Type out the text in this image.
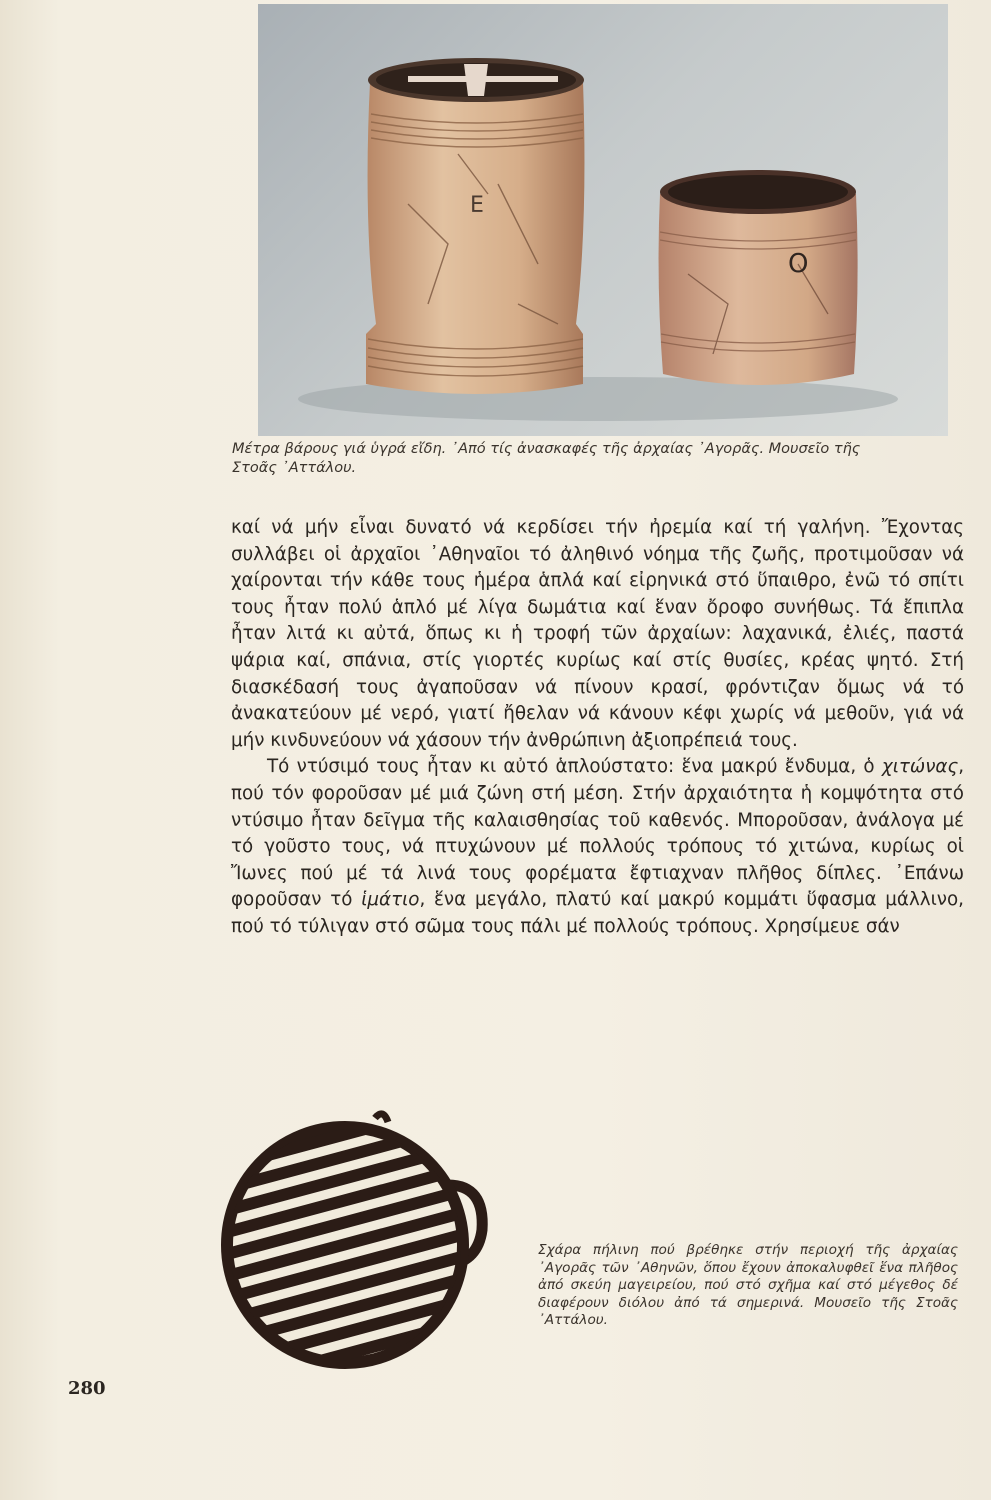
Ε
Ο
Μέτρα βάρους γιά ὑγρά εἴδη. ᾿Από τίς ἀνασκαφές τῆς ἀρχαίας ᾿Αγορᾶς. Μουσεῖο τῆς
Στοᾶς ᾿Αττάλου.

καί νά μήν εἶναι δυνατό νά κερδίσει τήν ἠρεμία καί τή γαλήνη. Ἔχοντας συλλάβει οἱ ἀρχαῖοι ᾿Αθηναῖοι τό ἀληθινό νόημα τῆς ζωῆς, προτιμοῦσαν νά χαίρονται τήν κάθε τους ἡμέρα ἁπλά καί εἰρηνικά στό ὕπαιθρο, ἐνῶ τό σπίτι τους ἦταν πολύ ἁπλό μέ λίγα δωμάτια καί ἕναν ὄροφο συνήθως. Τά ἔπιπλα ἦταν λιτά κι αὐτά, ὅπως κι ἡ τροφή τῶν ἀρχαίων: λαχανικά, ἐλιές, παστά ψάρια καί, σπάνια, στίς γιορτές κυρίως καί στίς θυσίες, κρέας ψητό. Στή διασκέδασή τους ἀγαποῦσαν νά πίνουν κρασί, φρόντιζαν ὅμως νά τό ἀνακατεύουν μέ νερό, γιατί ἤθελαν νά κάνουν κέφι χωρίς νά μεθοῦν, γιά νά μήν κινδυνεύουν νά χάσουν τήν ἀνθρώπινη ἀξιοπρέπειά τους.

Τό ντύσιμό τους ἦταν κι αὐτό ἁπλούστατο: ἕνα μακρύ ἔνδυμα, ὁ χιτώνας, πού τόν φοροῦσαν μέ μιά ζώνη στή μέση. Στήν ἀρχαιότητα ἡ κομψότητα στό ντύσιμο ἦταν δεῖγμα τῆς καλαισθησίας τοῦ καθενός. Μποροῦσαν, ἀνάλογα μέ τό γοῦστο τους, νά πτυχώνουν μέ πολλούς τρόπους τό χιτώνα, κυρίως οἱ Ἴωνες πού μέ τά λινά τους φορέματα ἔφτιαχναν πλῆθος δίπλες. ᾿Επάνω φοροῦσαν τό ἱμάτιο, ἕνα μεγάλο, πλατύ καί μακρύ κομμάτι ὕφασμα μάλλινο, πού τό τύλιγαν στό σῶμα τους πάλι μέ πολλούς τρόπους. Χρησίμευε σάν

Σχάρα πήλινη πού βρέθηκε στήν περιοχή τῆς ἀρχαίας ᾿Αγορᾶς τῶν ᾿Αθηνῶν, ὅπου ἔχουν ἀποκαλυφθεῖ ἕνα πλῆθος ἀπό σκεύη μαγειρείου, πού στό σχῆμα καί στό μέγεθος δέ διαφέρουν διόλου ἀπό τά σημερινά. Μουσεῖο τῆς Στοᾶς ᾿Αττάλου.
280
